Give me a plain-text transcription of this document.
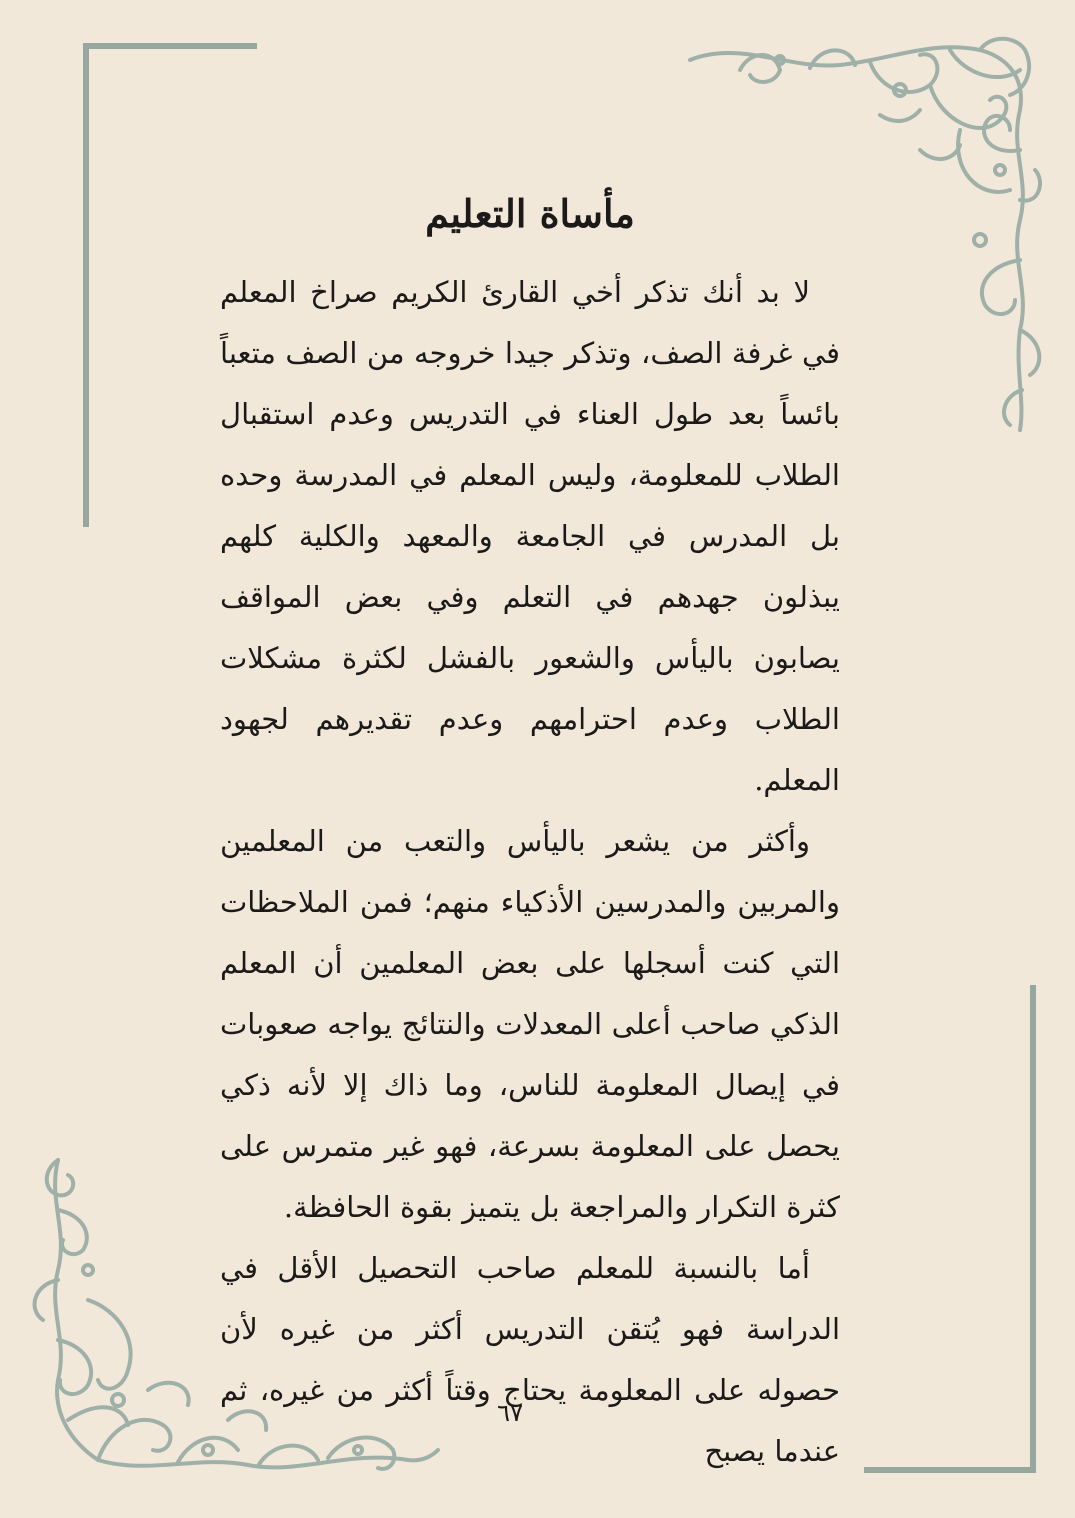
مأساة التعليم

لا بد أنك تذكر أخي القارئ الكريم صراخ المعلم في غرفة الصف، وتذكر جيدا خروجه من الصف متعباً بائساً بعد طول العناء في التدريس وعدم استقبال الطلاب للمعلومة، وليس المعلم في المدرسة وحده بل المدرس في الجامعة والمعهد والكلية كلهم يبذلون جهدهم في التعلم وفي بعض المواقف يصابون باليأس والشعور بالفشل لكثرة مشكلات الطلاب وعدم احترامهم وعدم تقديرهم لجهود المعلم.

وأكثر من يشعر باليأس والتعب من المعلمين والمربين والمدرسين الأذكياء منهم؛ فمن الملاحظات التي كنت أسجلها على بعض المعلمين أن المعلم الذكي صاحب أعلى المعدلات والنتائج يواجه صعوبات في إيصال المعلومة للناس، وما ذاك إلا لأنه ذكي يحصل على المعلومة بسرعة، فهو غير متمرس على كثرة التكرار والمراجعة بل يتميز بقوة الحافظة.

أما بالنسبة للمعلم صاحب التحصيل الأقل في الدراسة فهو يُتقن التدريس أكثر من غيره لأن حصوله على المعلومة يحتاج وقتاً أكثر من غيره، ثم عندما يصبح

٦٧
